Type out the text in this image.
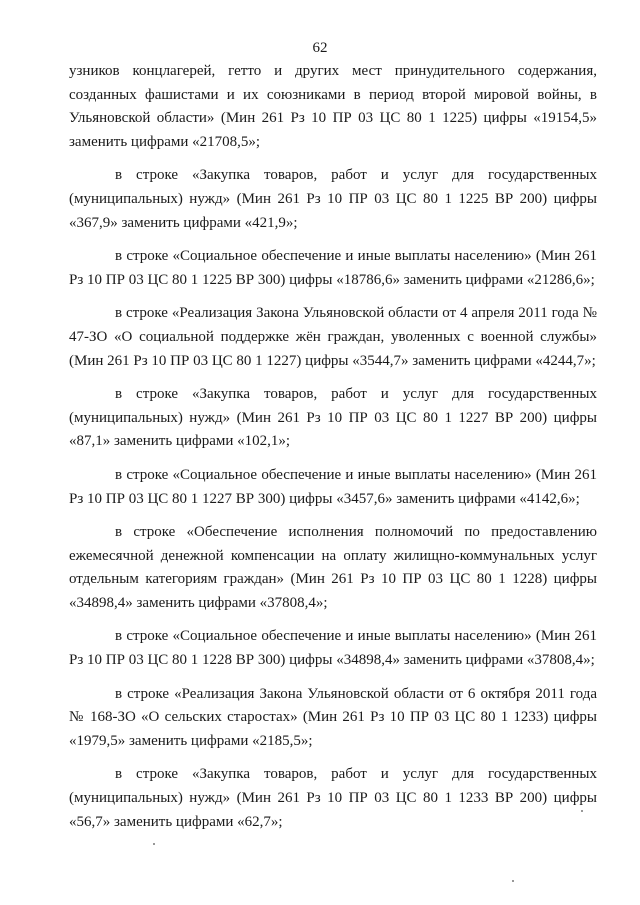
62

узников концлагерей, гетто и других мест принудительного содержания, созданных фашистами и их союзниками в период второй мировой войны, в Ульяновской области» (Мин 261 Рз 10 ПР 03 ЦС 80 1 1225) цифры «19154,5» заменить цифрами «21708,5»;

в строке «Закупка товаров, работ и услуг для государственных (муниципальных) нужд» (Мин 261 Рз 10 ПР 03 ЦС 80 1 1225 ВР 200) цифры «367,9» заменить цифрами «421,9»;

в строке «Социальное обеспечение и иные выплаты населению» (Мин 261 Рз 10 ПР 03 ЦС 80 1 1225 ВР 300) цифры «18786,6» заменить цифрами «21286,6»;

в строке «Реализация Закона Ульяновской области от 4 апреля 2011 года № 47-ЗО «О социальной поддержке жён граждан, уволенных с военной службы» (Мин 261 Рз 10 ПР 03 ЦС 80 1 1227) цифры «3544,7» заменить цифрами «4244,7»;

в строке «Закупка товаров, работ и услуг для государственных (муниципальных) нужд» (Мин 261 Рз 10 ПР 03 ЦС 80 1 1227 ВР 200) цифры «87,1» заменить цифрами «102,1»;

в строке «Социальное обеспечение и иные выплаты населению» (Мин 261 Рз 10 ПР 03 ЦС 80 1 1227 ВР 300) цифры «3457,6» заменить цифрами «4142,6»;

в строке «Обеспечение исполнения полномочий по предоставлению ежемесячной денежной компенсации на оплату жилищно-коммунальных услуг отдельным категориям граждан» (Мин 261 Рз 10 ПР 03 ЦС 80 1 1228) цифры «34898,4» заменить цифрами «37808,4»;

в строке «Социальное обеспечение и иные выплаты населению» (Мин 261 Рз 10 ПР 03 ЦС 80 1 1228 ВР 300) цифры «34898,4» заменить цифрами «37808,4»;

в строке «Реализация Закона Ульяновской области от 6 октября 2011 года № 168-ЗО «О сельских старостах» (Мин 261 Рз 10 ПР 03 ЦС 80 1 1233) цифры «1979,5» заменить цифрами «2185,5»;

в строке «Закупка товаров, работ и услуг для государственных (муниципальных) нужд» (Мин 261 Рз 10 ПР 03 ЦС 80 1 1233 ВР 200) цифры «56,7» заменить цифрами «62,7»;
